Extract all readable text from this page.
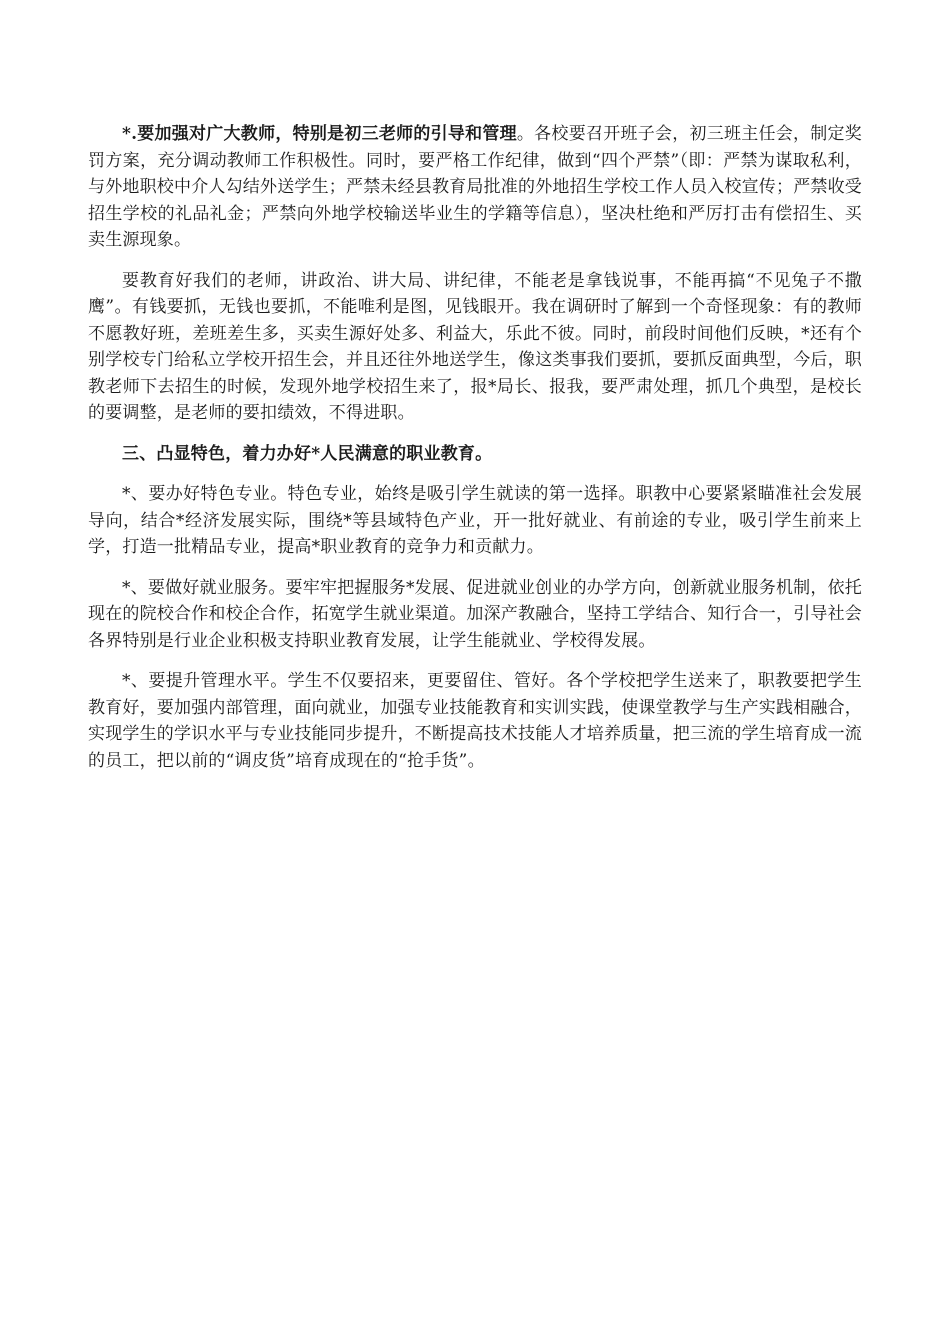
*.要加强对广大教师，特别是初三老师的引导和管理。各校要召开班子会，初三班主任会，制定奖罚方案，充分调动教师工作积极性。同时，要严格工作纪律，做到“四个严禁”（即：严禁为谋取私利，与外地职校中介人勾结外送学生；严禁未经县教育局批准的外地招生学校工作人员入校宣传；严禁收受招生学校的礼品礼金；严禁向外地学校输送毕业生的学籍等信息），坚决杜绝和严厉打击有偿招生、买卖生源现象。

要教育好我们的老师，讲政治、讲大局、讲纪律，不能老是拿钱说事，不能再搞“不见兔子不撒鹰”。有钱要抓，无钱也要抓，不能唯利是图，见钱眼开。我在调研时了解到一个奇怪现象：有的教师不愿教好班，差班差生多，买卖生源好处多、利益大，乐此不彼。同时，前段时间他们反映，*还有个别学校专门给私立学校开招生会，并且还往外地送学生，像这类事我们要抓，要抓反面典型，今后，职教老师下去招生的时候，发现外地学校招生来了，报*局长、报我，要严肃处理，抓几个典型，是校长的要调整，是老师的要扣绩效，不得进职。

三、凸显特色，着力办好*人民满意的职业教育。

*、要办好特色专业。特色专业，始终是吸引学生就读的第一选择。职教中心要紧紧瞄准社会发展导向，结合*经济发展实际，围绕*等县域特色产业，开一批好就业、有前途的专业，吸引学生前来上学，打造一批精品专业，提高*职业教育的竞争力和贡献力。

*、要做好就业服务。要牢牢把握服务*发展、促进就业创业的办学方向，创新就业服务机制，依托现在的院校合作和校企合作，拓宽学生就业渠道。加深产教融合，坚持工学结合、知行合一，引导社会各界特别是行业企业积极支持职业教育发展，让学生能就业、学校得发展。

*、要提升管理水平。学生不仅要招来，更要留住、管好。各个学校把学生送来了，职教要把学生教育好，要加强内部管理，面向就业，加强专业技能教育和实训实践，使课堂教学与生产实践相融合，实现学生的学识水平与专业技能同步提升，不断提高技术技能人才培养质量，把三流的学生培育成一流的员工，把以前的“调皮货”培育成现在的“抢手货”。
